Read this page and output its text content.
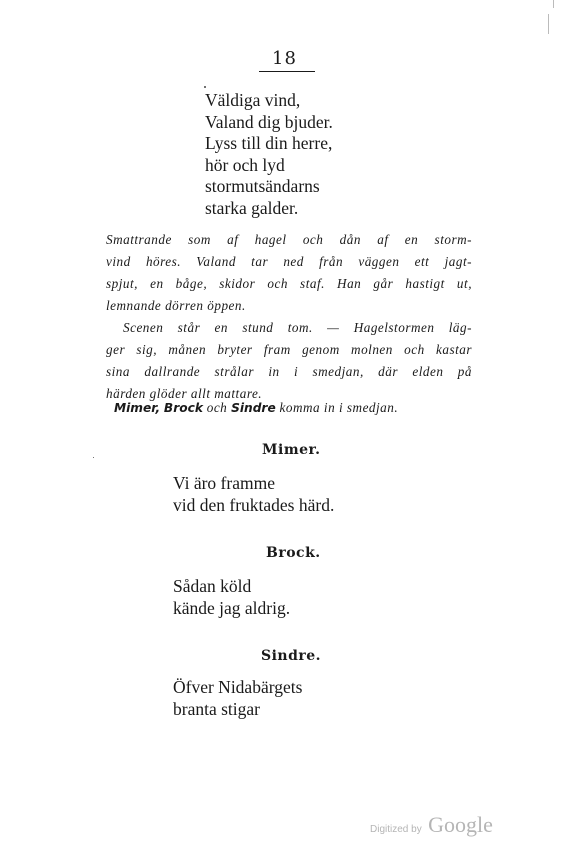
18
Väldiga vind,
Valand dig bjuder.
Lyss till din herre,
hör och lyd
stormutsändarns
starka galder.
Smattrande som af hagel och dån af en storm-
vind höres. Valand tar ned från väggen ett jagt-
spjut, en båge, skidor och staf. Han går hastigt ut,
lemnande dörren öppen.
Scenen står en stund tom. — Hagelstormen läg-
ger sig, månen bryter fram genom molnen och kastar
sina dallrande strålar in i smedjan, där elden på
härden glöder allt mattare.
Mimer, Brock och Sindre komma in i smedjan.
Mimer.
Vi äro framme
vid den fruktades härd.
Brock.
Sådan köld
kände jag aldrig.
Sindre.
Öfver Nidabärgets
branta stigar
Digitized by Google
